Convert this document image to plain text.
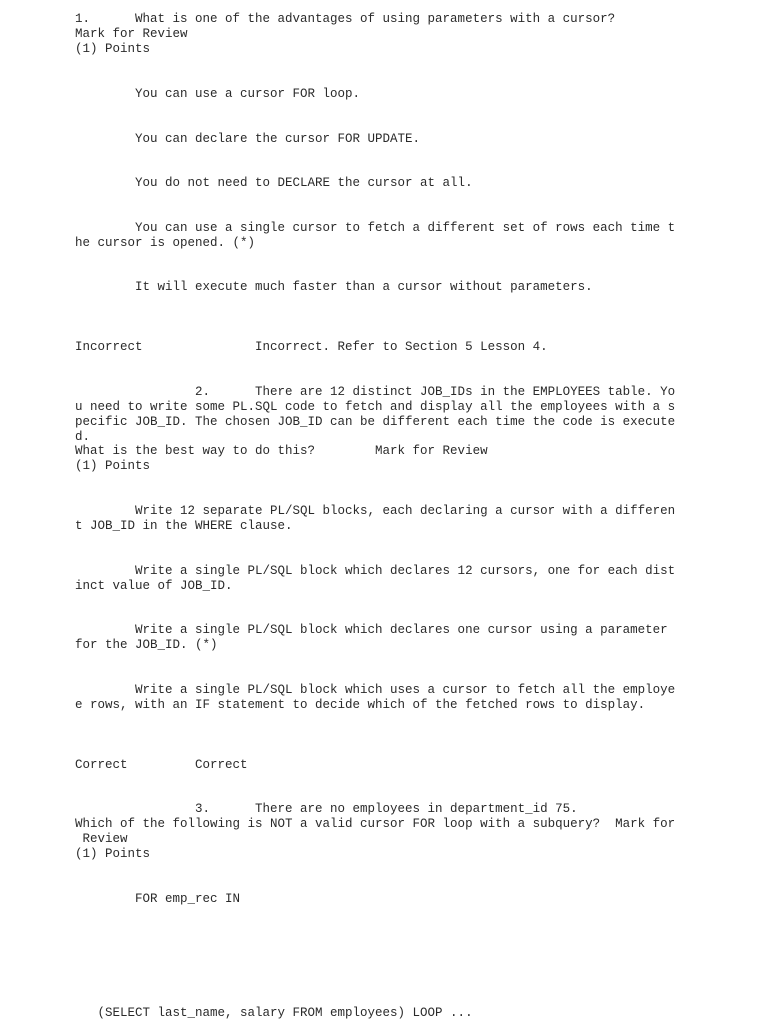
1.      What is one of the advantages of using parameters with a cursor?

Mark for Review

(1) Points

You can use a cursor FOR loop.

You can declare the cursor FOR UPDATE.

You do not need to DECLARE the cursor at all.

You can use a single cursor to fetch a different set of rows each time t

he cursor is opened. (*)

It will execute much faster than a cursor without parameters.

Incorrect               Incorrect. Refer to Section 5 Lesson 4.

2.      There are 12 distinct JOB_IDs in the EMPLOYEES table. Yo

u need to write some PL.SQL code to fetch and display all the employees with a s

pecific JOB_ID. The chosen JOB_ID can be different each time the code is execute

d.

What is the best way to do this?        Mark for Review

(1) Points

Write 12 separate PL/SQL blocks, each declaring a cursor with a differen

t JOB_ID in the WHERE clause.

Write a single PL/SQL block which declares 12 cursors, one for each dist

inct value of JOB_ID.

Write a single PL/SQL block which declares one cursor using a parameter

for the JOB_ID. (*)

Write a single PL/SQL block which uses a cursor to fetch all the employe

e rows, with an IF statement to decide which of the fetched rows to display.

Correct         Correct

3.      There are no employees in department_id 75.

Which of the following is NOT a valid cursor FOR loop with a subquery?  Mark for

Review

(1) Points

FOR emp_rec IN

(SELECT last_name, salary FROM employees) LOOP ...
